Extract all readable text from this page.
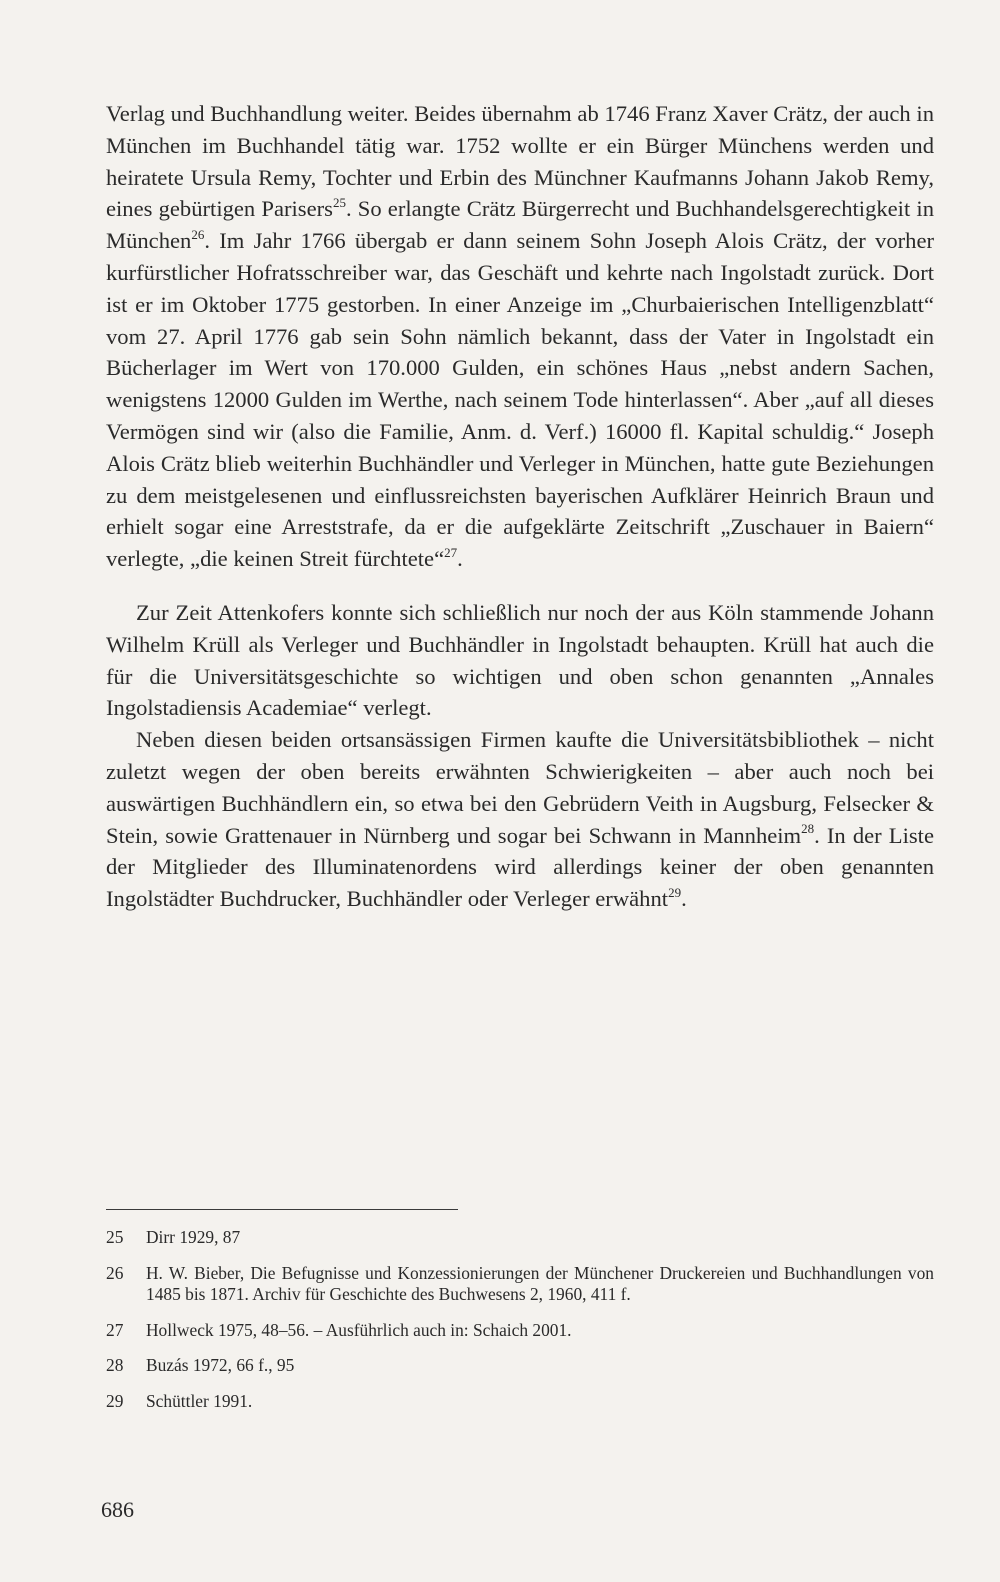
Verlag und Buchhandlung weiter. Beides übernahm ab 1746 Franz Xaver Crätz, der auch in München im Buchhandel tätig war. 1752 wollte er ein Bürger Münchens werden und heiratete Ursula Remy, Tochter und Erbin des Münchner Kaufmanns Johann Jakob Remy, eines gebürtigen Parisers$^{25}$. So erlangte Crätz Bürgerrecht und Buchhandelsgerechtigkeit in München$^{26}$. Im Jahr 1766 übergab er dann seinem Sohn Joseph Alois Crätz, der vorher kurfürstlicher Hofratsschreiber war, das Geschäft und kehrte nach Ingolstadt zurück. Dort ist er im Oktober 1775 gestorben. In einer Anzeige im „Churbaierischen Intelligenzblatt“ vom 27. April 1776 gab sein Sohn nämlich bekannt, dass der Vater in Ingolstadt ein Bücherlager im Wert von 170.000 Gulden, ein schönes Haus „nebst andern Sachen, wenigstens 12000 Gulden im Werthe, nach seinem Tode hinterlassen“. Aber „auf all dieses Vermögen sind wir (also die Familie, Anm. d. Verf.) 16000 fl. Kapital schuldig.“ Joseph Alois Crätz blieb weiterhin Buchhändler und Verleger in München, hatte gute Beziehungen zu dem meistgelesenen und einflussreichsten bayerischen Aufklärer Heinrich Braun und erhielt sogar eine Arreststrafe, da er die aufgeklärte Zeitschrift „Zuschauer in Baiern“ verlegte, „die keinen Streit fürchtete“$^{27}$.

Zur Zeit Attenkofers konnte sich schließlich nur noch der aus Köln stammende Johann Wilhelm Krüll als Verleger und Buchhändler in Ingolstadt behaupten. Krüll hat auch die für die Universitätsgeschichte so wichtigen und oben schon genannten „Annales Ingolstadiensis Academiae“ verlegt.

Neben diesen beiden ortsansässigen Firmen kaufte die Universitätsbibliothek – nicht zuletzt wegen der oben bereits erwähnten Schwierigkeiten – aber auch noch bei auswärtigen Buchhändlern ein, so etwa bei den Gebrüdern Veith in Augsburg, Felsecker & Stein, sowie Grattenauer in Nürnberg und sogar bei Schwann in Mannheim$^{28}$. In der Liste der Mitglieder des Illuminatenordens wird allerdings keiner der oben genannten Ingolstädter Buchdrucker, Buchhändler oder Verleger erwähnt$^{29}$.

25	Dirr 1929, 87
26	H. W. Bieber, Die Befugnisse und Konzessionierungen der Münchener Druckereien und Buchhandlungen von 1485 bis 1871. Archiv für Geschichte des Buchwesens 2, 1960, 411 f.
27	Hollweck 1975, 48–56. – Ausführlich auch in: Schaich 2001.
28	Buzás 1972, 66 f., 95
29	Schüttler 1991.
686
